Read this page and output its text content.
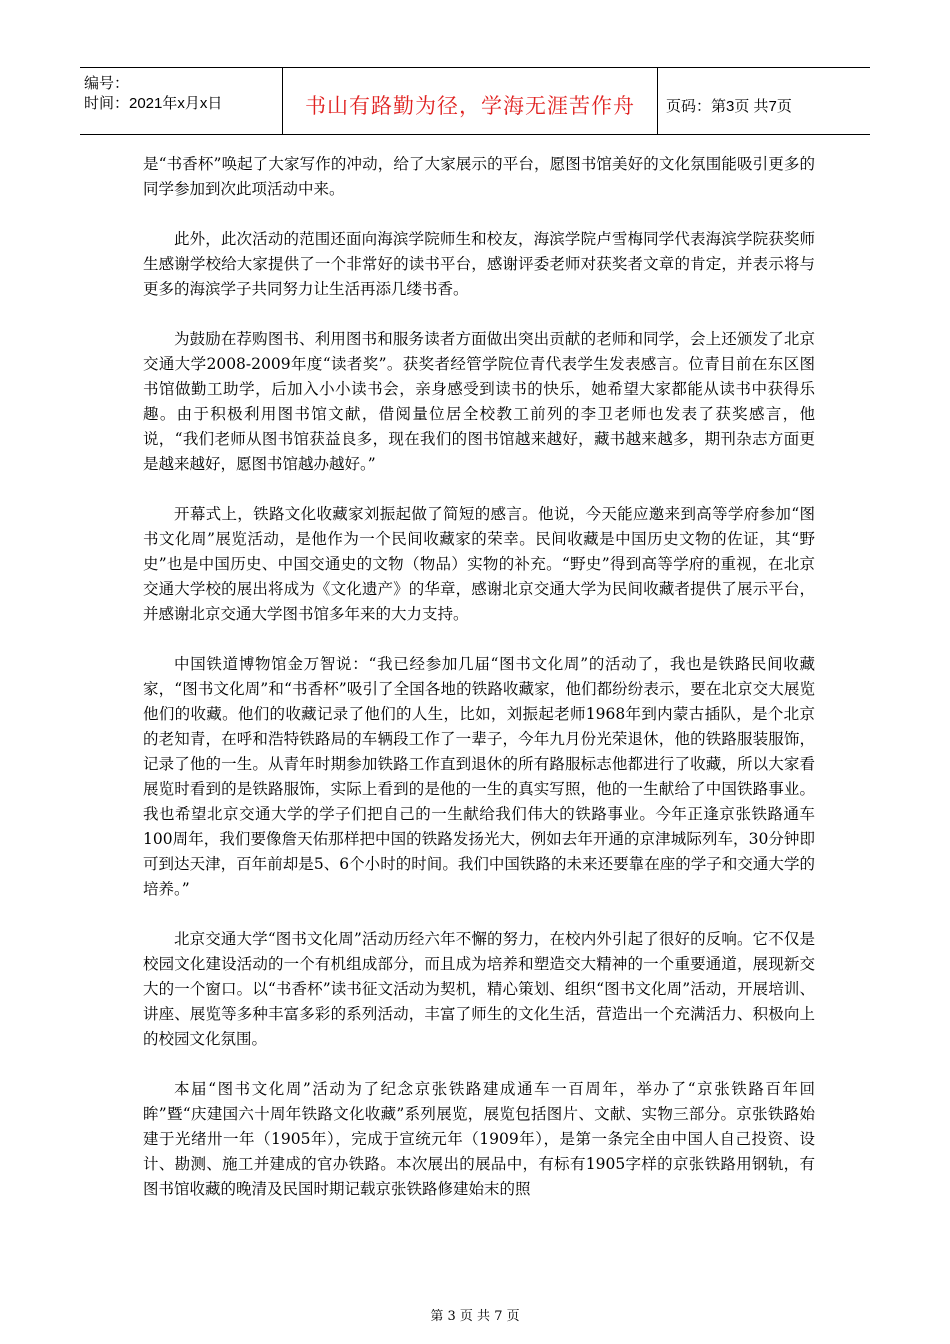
编号：
时间：2021年x月x日	书山有路勤为径，学海无涯苦作舟	页码：第3页 共7页

是“书香杯”唤起了大家写作的冲动，给了大家展示的平台，愿图书馆美好的文化氛围能吸引更多的同学参加到次此项活动中来。

此外，此次活动的范围还面向海滨学院师生和校友，海滨学院卢雪梅同学代表海滨学院获奖师生感谢学校给大家提供了一个非常好的读书平台，感谢评委老师对获奖者文章的肯定，并表示将与更多的海滨学子共同努力让生活再添几缕书香。

为鼓励在荐购图书、利用图书和服务读者方面做出突出贡献的老师和同学，会上还颁发了北京交通大学2008-2009年度“读者奖”。获奖者经管学院位青代表学生发表感言。位青目前在东区图书馆做勤工助学，后加入小小读书会，亲身感受到读书的快乐，她希望大家都能从读书中获得乐趣。由于积极利用图书馆文献，借阅量位居全校教工前列的李卫老师也发表了获奖感言，他说，“我们老师从图书馆获益良多，现在我们的图书馆越来越好，藏书越来越多，期刊杂志方面更是越来越好，愿图书馆越办越好。”

开幕式上，铁路文化收藏家刘振起做了简短的感言。他说，今天能应邀来到高等学府参加“图书文化周”展览活动，是他作为一个民间收藏家的荣幸。民间收藏是中国历史文物的佐证，其“野史”也是中国历史、中国交通史的文物（物品）实物的补充。“野史”得到高等学府的重视，在北京交通大学校的展出将成为《文化遗产》的华章，感谢北京交通大学为民间收藏者提供了展示平台，并感谢北京交通大学图书馆多年来的大力支持。

中国铁道博物馆金万智说：“我已经参加几届“图书文化周”的活动了，我也是铁路民间收藏家，“图书文化周”和“书香杯”吸引了全国各地的铁路收藏家，他们都纷纷表示，要在北京交大展览他们的收藏。他们的收藏记录了他们的人生，比如，刘振起老师1968年到内蒙古插队，是个北京的老知青，在呼和浩特铁路局的车辆段工作了一辈子，今年九月份光荣退休，他的铁路服装服饰，记录了他的一生。从青年时期参加铁路工作直到退休的所有路服标志他都进行了收藏，所以大家看展览时看到的是铁路服饰，实际上看到的是他的一生的真实写照，他的一生献给了中国铁路事业。我也希望北京交通大学的学子们把自己的一生献给我们伟大的铁路事业。今年正逢京张铁路通车100周年，我们要像詹天佑那样把中国的铁路发扬光大，例如去年开通的京津城际列车，30分钟即可到达天津，百年前却是5、6个小时的时间。我们中国铁路的未来还要靠在座的学子和交通大学的培养。”

北京交通大学“图书文化周”活动历经六年不懈的努力，在校内外引起了很好的反响。它不仅是校园文化建设活动的一个有机组成部分，而且成为培养和塑造交大精神的一个重要通道，展现新交大的一个窗口。以“书香杯”读书征文活动为契机，精心策划、组织“图书文化周”活动，开展培训、讲座、展览等多种丰富多彩的系列活动，丰富了师生的文化生活，营造出一个充满活力、积极向上的校园文化氛围。

本届“图书文化周”活动为了纪念京张铁路建成通车一百周年，举办了“京张铁路百年回眸”暨“庆建国六十周年铁路文化收藏”系列展览，展览包括图片、文献、实物三部分。京张铁路始建于光绪卅一年（1905年），完成于宣统元年（1909年），是第一条完全由中国人自己投资、设计、勘测、施工并建成的官办铁路。本次展出的展品中，有标有1905字样的京张铁路用钢轨，有图书馆收藏的晚清及民国时期记载京张铁路修建始末的照

第 3 页 共 7 页
